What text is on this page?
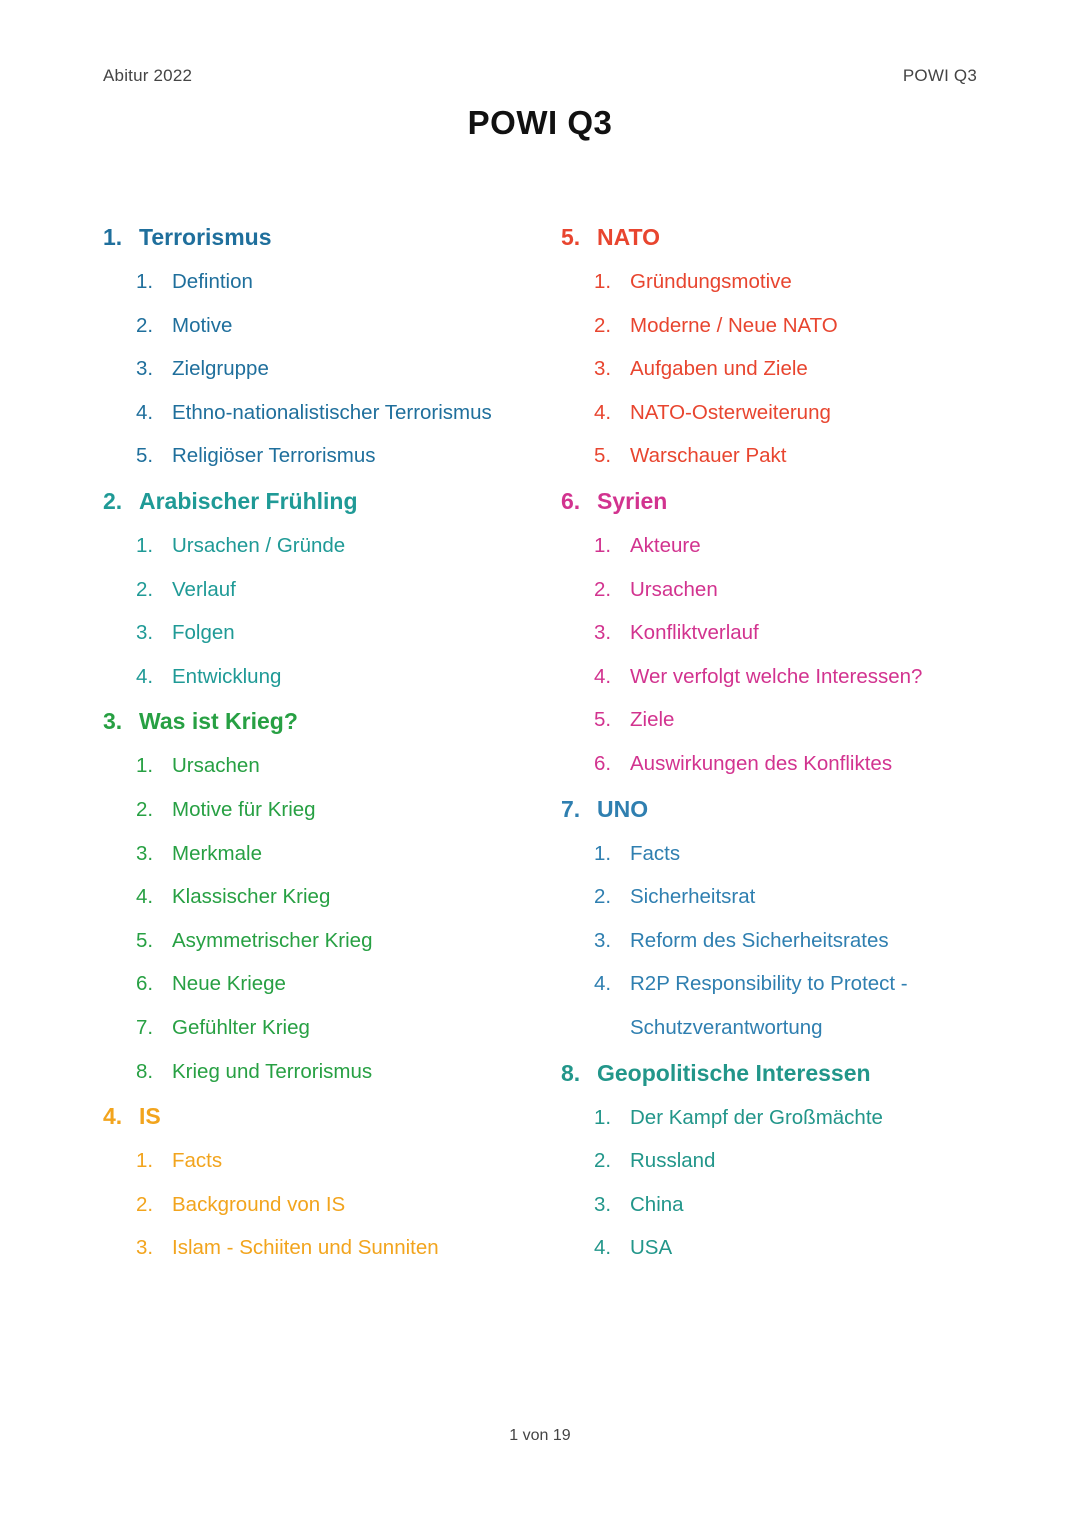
Abitur 2022	POWI Q3
POWI Q3
1. Terrorismus
1. Defintion
2. Motive
3. Zielgruppe
4. Ethno-nationalistischer Terrorismus
5. Religiöser Terrorismus
2. Arabischer Frühling
1. Ursachen / Gründe
2. Verlauf
3. Folgen
4. Entwicklung
3. Was ist Krieg?
1. Ursachen
2. Motive für Krieg
3. Merkmale
4. Klassischer Krieg
5. Asymmetrischer Krieg
6. Neue Kriege
7. Gefühlter Krieg
8. Krieg und Terrorismus
4. IS
1. Facts
2. Background von IS
3. Islam - Schiiten und Sunniten
5. NATO
1. Gründungsmotive
2. Moderne / Neue NATO
3. Aufgaben und Ziele
4. NATO-Osterweiterung
5. Warschauer Pakt
6. Syrien
1. Akteure
2. Ursachen
3. Konfliktverlauf
4. Wer verfolgt welche Interessen?
5. Ziele
6. Auswirkungen des Konfliktes
7. UNO
1. Facts
2. Sicherheitsrat
3. Reform des Sicherheitsrates
4. R2P Responsibility to Protect -
Schutzverantwortung
8. Geopolitische Interessen
1. Der Kampf der Großmächte
2. Russland
3. China
4. USA
1 von 19
